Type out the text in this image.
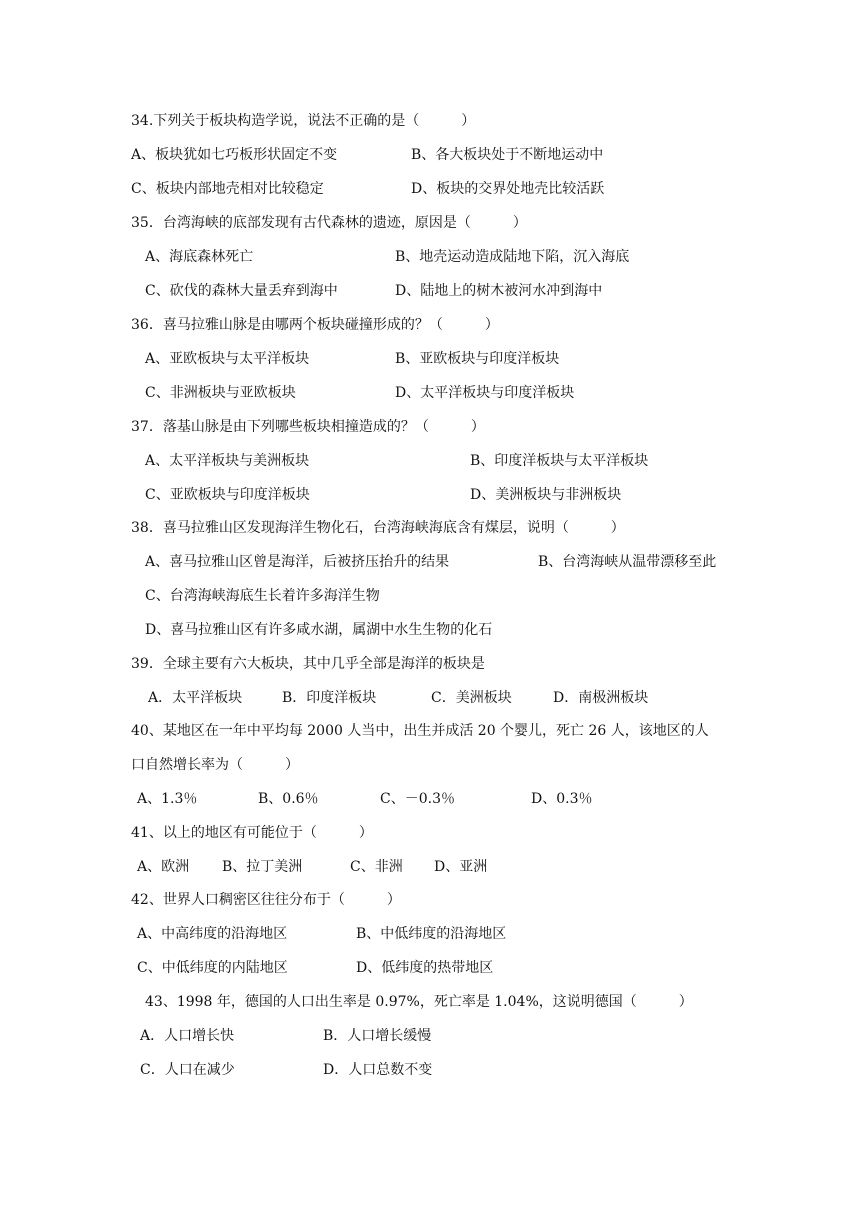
34.下列关于板块构造学说，说法不正确的是（　　　）
A、板块犹如七巧板形状固定不变	B、各大板块处于不断地运动中
C、板块内部地壳相对比较稳定	D、板块的交界处地壳比较活跃
35．台湾海峡的底部发现有古代森林的遗迹，原因是（　　　）
A、海底森林死亡	B、地壳运动造成陆地下陷，沉入海底
C、砍伐的森林大量丢弃到海中	D、陆地上的树木被河水冲到海中
36．喜马拉雅山脉是由哪两个板块碰撞形成的？（　　　）
A、亚欧板块与太平洋板块	B、亚欧板块与印度洋板块
C、非洲板块与亚欧板块	D、太平洋板块与印度洋板块
37．落基山脉是由下列哪些板块相撞造成的？（　　　）
A、太平洋板块与美洲板块	B、印度洋板块与太平洋板块
C、亚欧板块与印度洋板块	D、美洲板块与非洲板块
38．喜马拉雅山区发现海洋生物化石，台湾海峡海底含有煤层，说明（　　　）
A、喜马拉雅山区曾是海洋，后被挤压抬升的结果	B、台湾海峡从温带漂移至此
C、台湾海峡海底生长着许多海洋生物
D、喜马拉雅山区有许多咸水湖，属湖中水生生物的化石
39．全球主要有六大板块，其中几乎全部是海洋的板块是
A．太平洋板块	B．印度洋板块	C．美洲板块	D．南极洲板块
40、某地区在一年中平均每 2000 人当中，出生并成活 20 个婴儿，死亡 26 人，该地区的人
口自然增长率为（　　　）
A、1.3％	B、0.6％	C、－0.3％	D、0.3％
41、以上的地区有可能位于（　　　）
A、欧洲 B、拉丁美洲	C、非洲 D、亚洲
42、世界人口稠密区往往分布于（　　　）
A、中高纬度的沿海地区	B、中低纬度的沿海地区
C、中低纬度的内陆地区	D、低纬度的热带地区
43、1998 年，德国的人口出生率是 0.97%，死亡率是 1.04%，这说明德国（　　　）
A．人口增长快	B．人口增长缓慢
C．人口在减少	D．人口总数不变
